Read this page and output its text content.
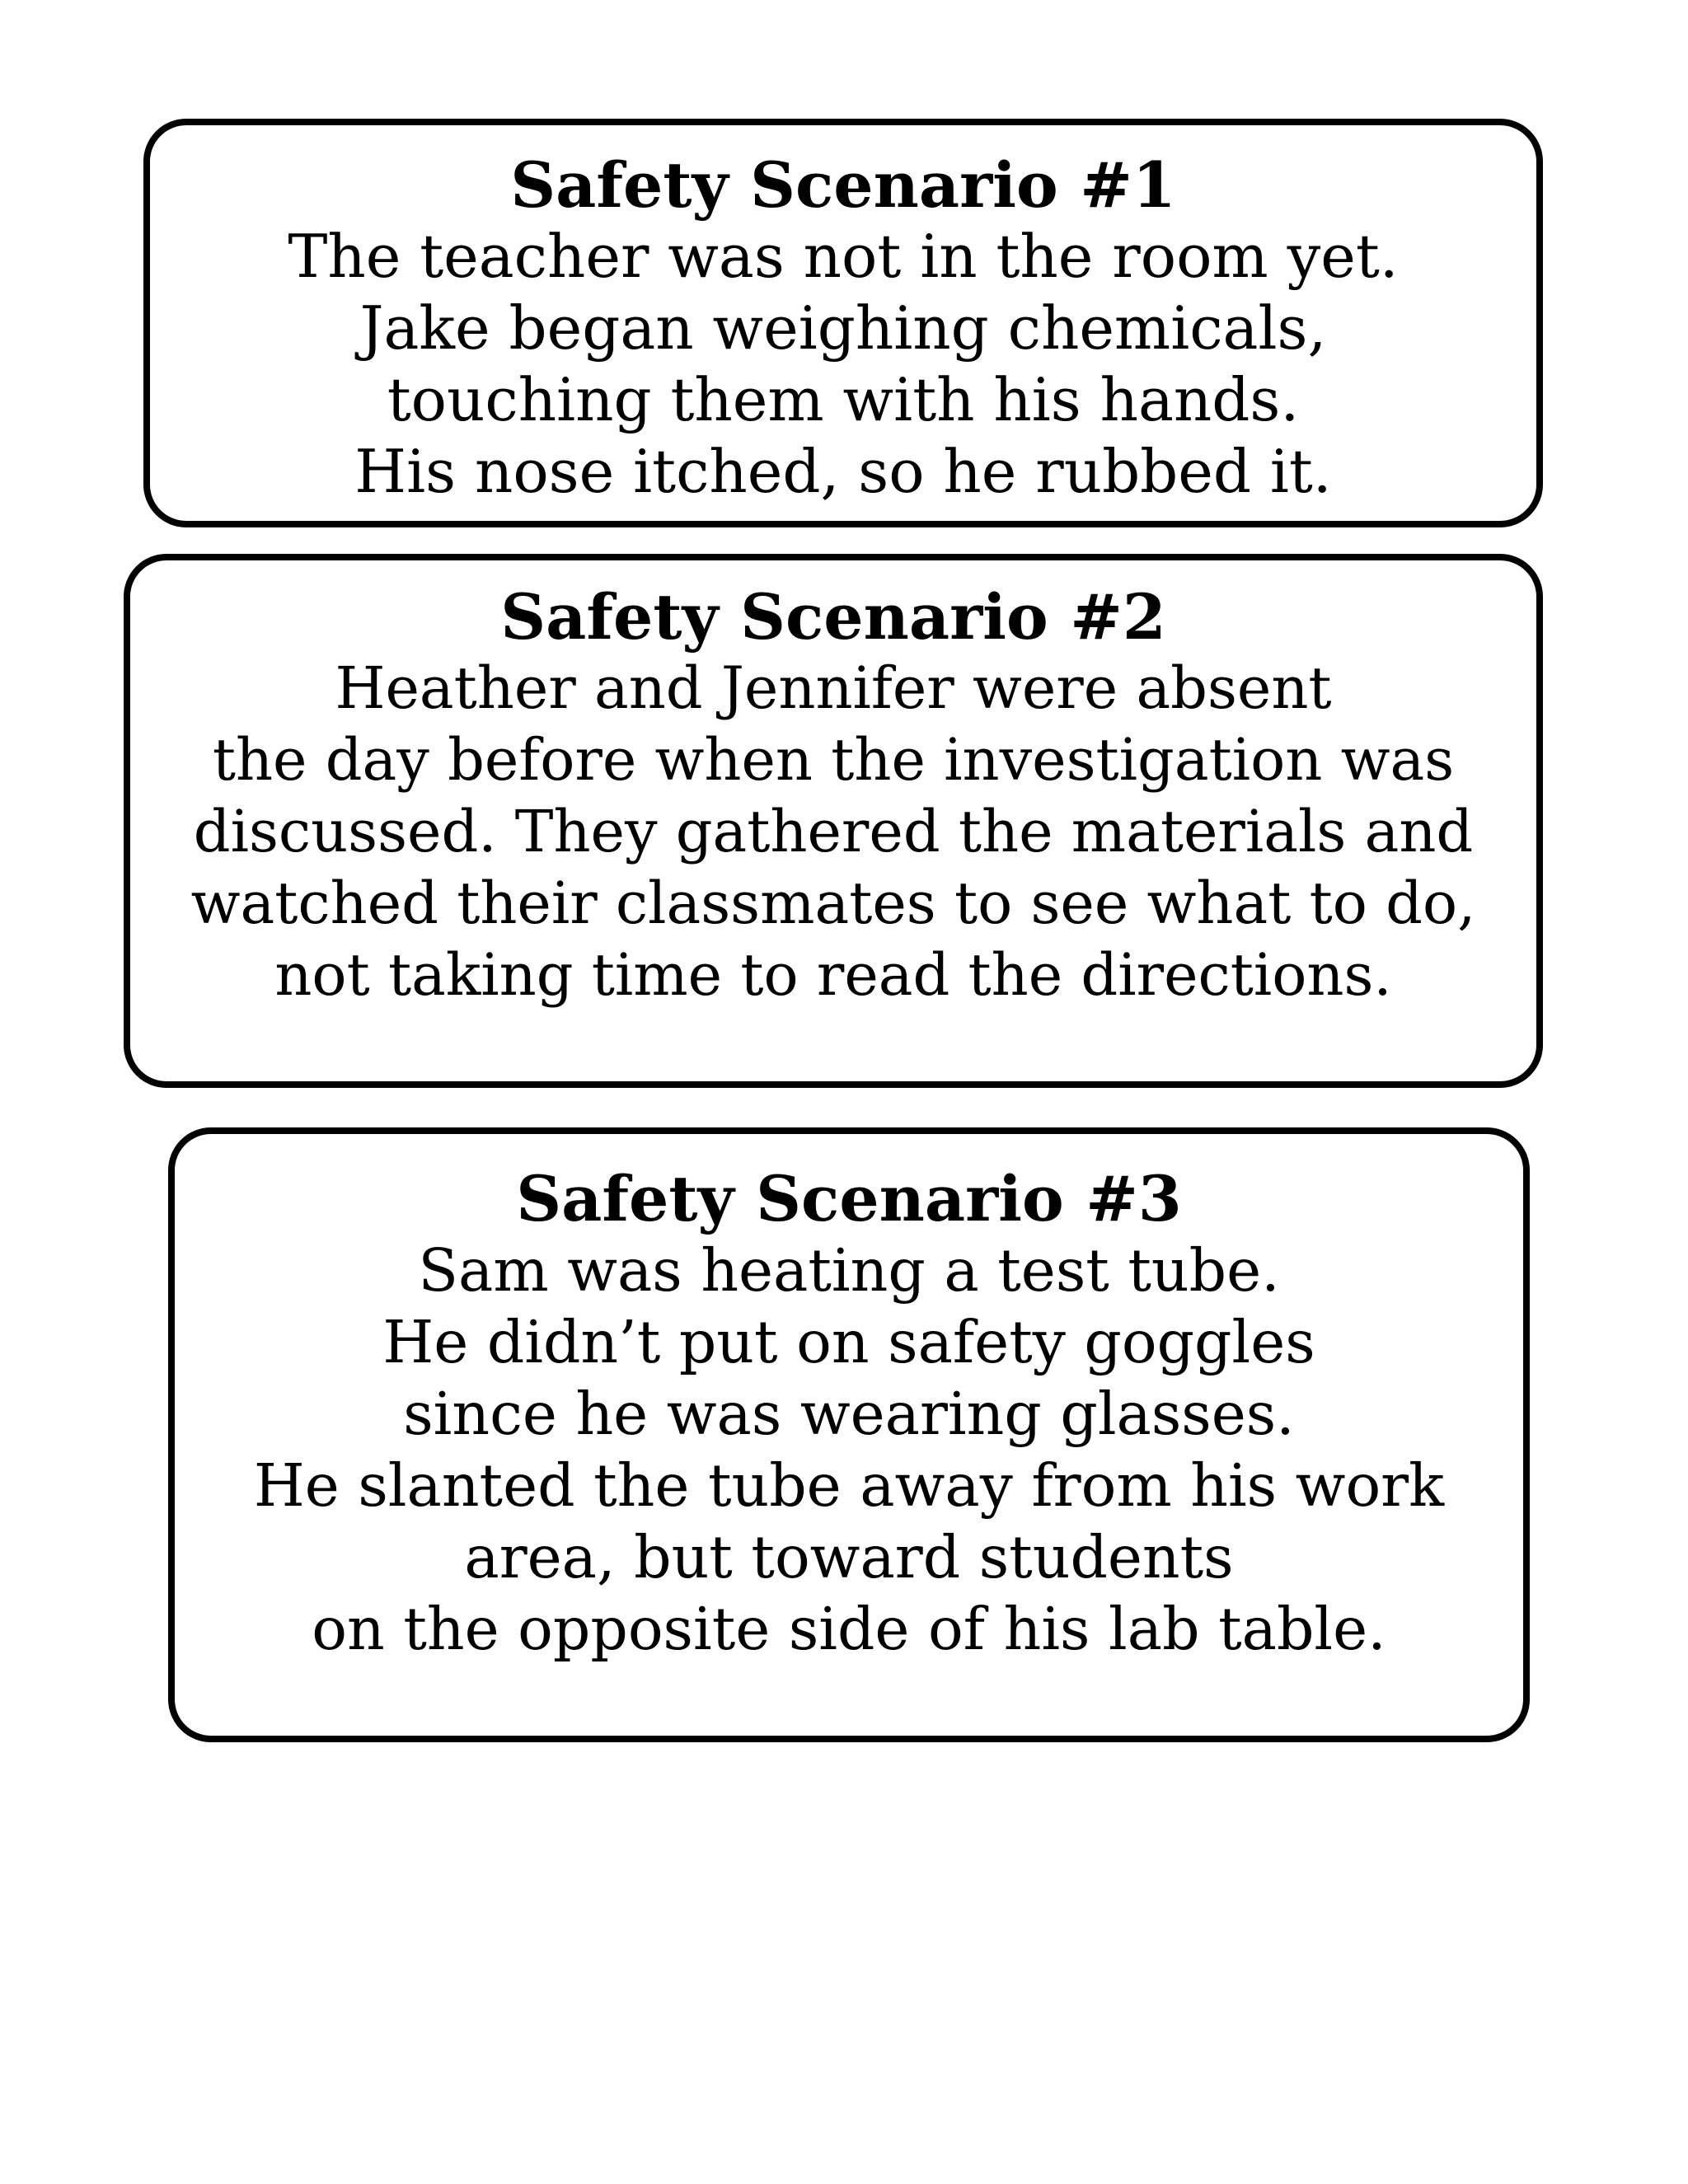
Safety Scenario #1

The teacher was not in the room yet.

Jake began weighing chemicals,

touching them with his hands.

His nose itched, so he rubbed it.

Safety Scenario #2

Heather and Jennifer were absent

the day before when the investigation was

discussed. They gathered the materials and

watched their classmates to see what to do,

not taking time to read the directions.

Safety Scenario #3

Sam was heating a test tube.

He didn’t put on safety goggles

since he was wearing glasses.

He slanted the tube away from his work

area, but toward students

on the opposite side of his lab table.
